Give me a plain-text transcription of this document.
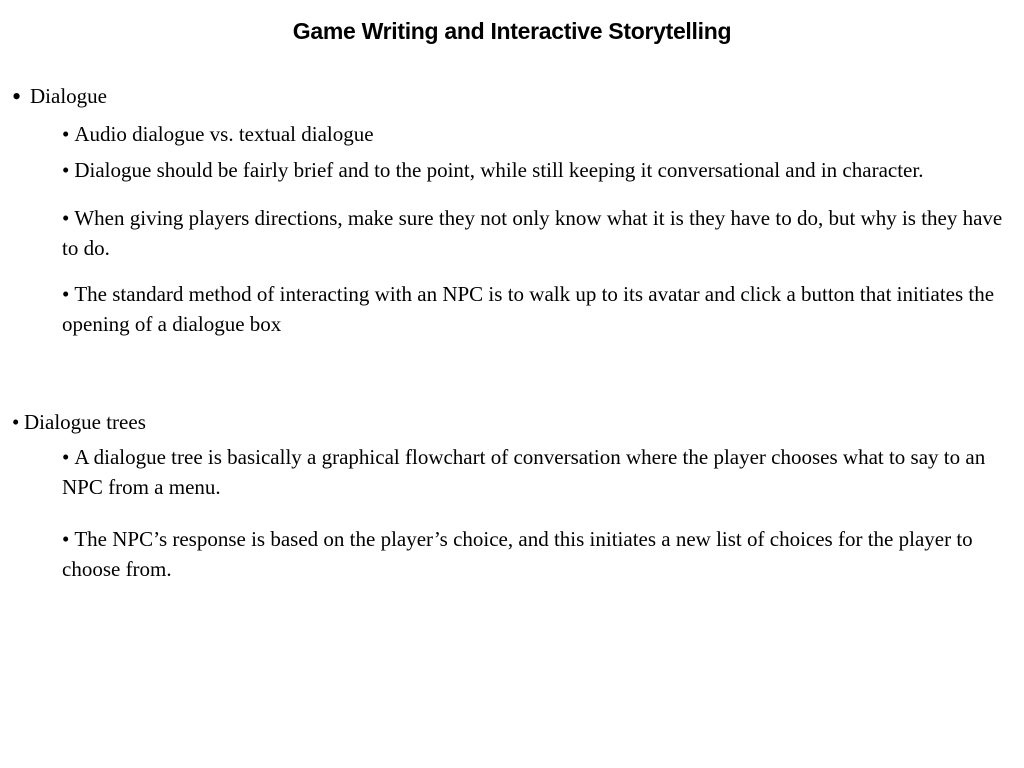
Game Writing and Interactive Storytelling
• Dialogue
• Audio dialogue vs. textual dialogue
• Dialogue should be fairly brief and to the point, while still keeping it conversational and in character.
• When giving players directions, make sure they not only know what it is they have to do, but why is they have to do.
• The standard method of interacting with an NPC is to walk up to its avatar and click a button that initiates the opening of a dialogue box
• Dialogue trees
• A dialogue tree is basically a graphical flowchart of conversation where the player chooses what to say to an NPC from a menu.
• The NPC’s response is based on the player’s choice, and this initiates a new list of choices for the player to choose from.
